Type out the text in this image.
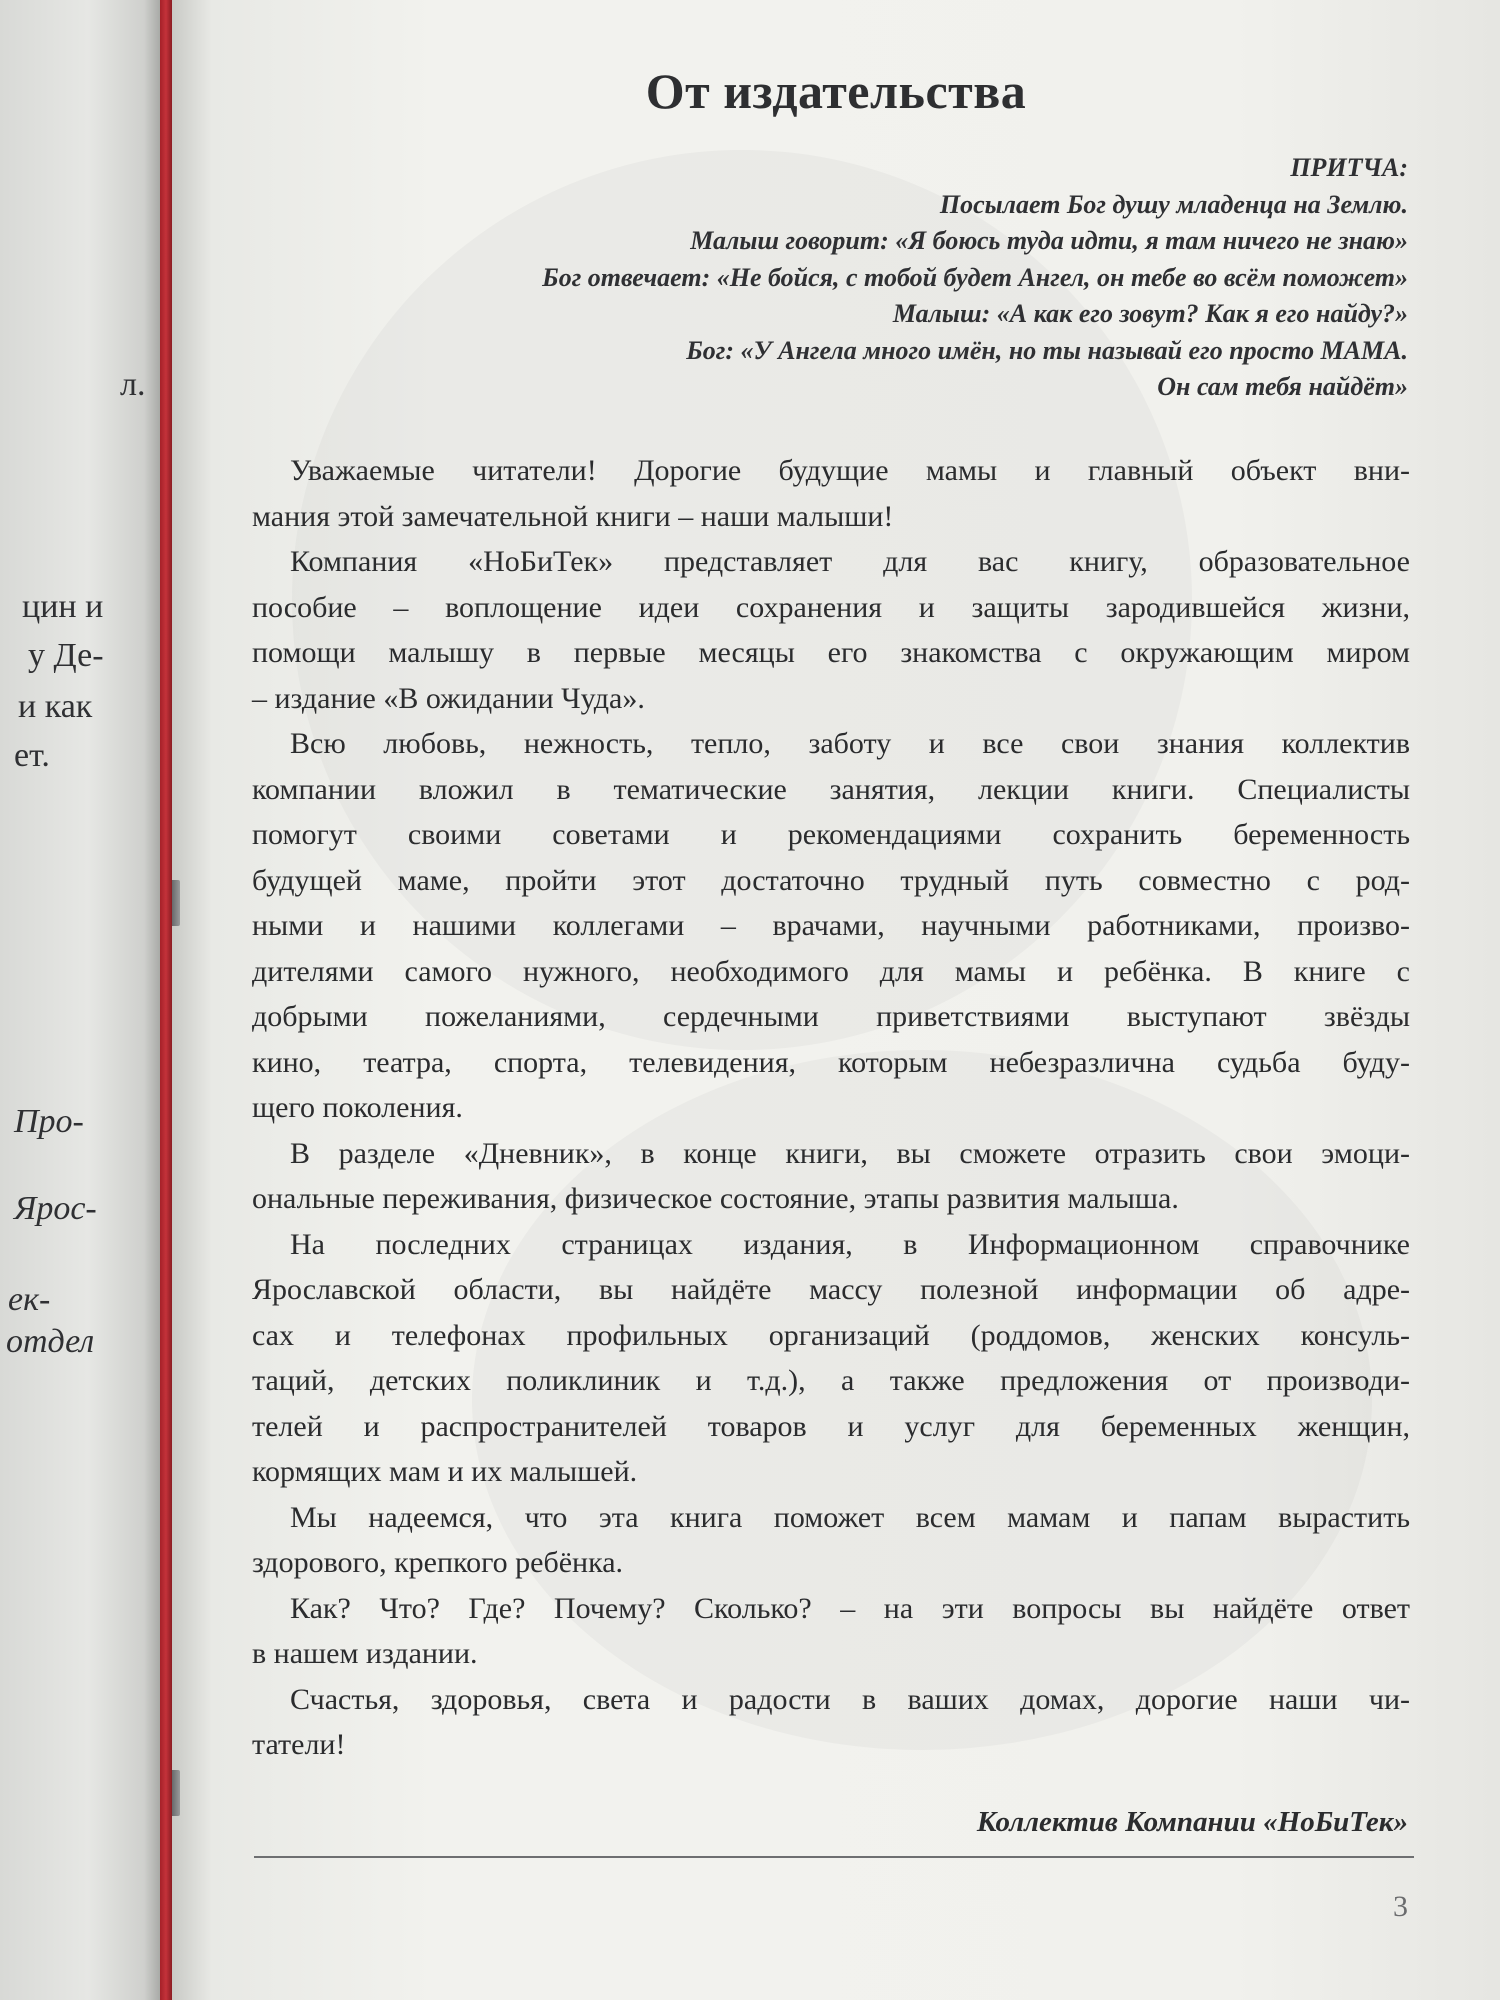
л.
цин и
у Де-
и как
ет.
Про-
Ярос-
ек-
отдел
От издательства
ПРИТЧА:
Посылает Бог душу младенца на Землю.
Малыш говорит: «Я боюсь туда идти, я там ничего не знаю»
Бог отвечает: «Не бойся, с тобой будет Ангел, он тебе во всём поможет»
Малыш: «А как его зовут? Как я его найду?»
Бог: «У Ангела много имён, но ты называй его просто МАМА.
Он сам тебя найдёт»
Уважаемые читатели! Дорогие будущие мамы и главный объект вни-
мания этой замечательной книги – наши малыши!
Компания «НоБиТек» представляет для вас книгу, образовательное
пособие – воплощение идеи сохранения и защиты зародившейся жизни,
помощи малышу в первые месяцы его знакомства с окружающим миром
– издание «В ожидании Чуда».
Всю любовь, нежность, тепло, заботу и все свои знания коллектив
компании вложил в тематические занятия, лекции книги. Специалисты
помогут своими советами и рекомендациями сохранить беременность
будущей маме, пройти этот достаточно трудный путь совместно с род-
ными и нашими коллегами – врачами, научными работниками, произво-
дителями самого нужного, необходимого для мамы и ребёнка. В книге с
добрыми пожеланиями, сердечными приветствиями выступают звёзды
кино, театра, спорта, телевидения, которым небезразлична судьба буду-
щего поколения.
В разделе «Дневник», в конце книги, вы сможете отразить свои эмоци-
ональные переживания, физическое состояние, этапы развития малыша.
На последних страницах издания, в Информационном справочнике
Ярославской области, вы найдёте массу полезной информации об адре-
сах и телефонах профильных организаций (роддомов, женских консуль-
таций, детских поликлиник и т.д.), а также предложения от производи-
телей и распространителей товаров и услуг для беременных женщин,
кормящих мам и их малышей.
Мы надеемся, что эта книга поможет всем мамам и папам вырастить
здорового, крепкого ребёнка.
Как? Что? Где? Почему? Сколько? – на эти вопросы вы найдёте ответ
в нашем издании.
Счастья, здоровья, света и радости в ваших домах, дорогие наши чи-
татели!
Коллектив Компании «НоБиТек»
3
